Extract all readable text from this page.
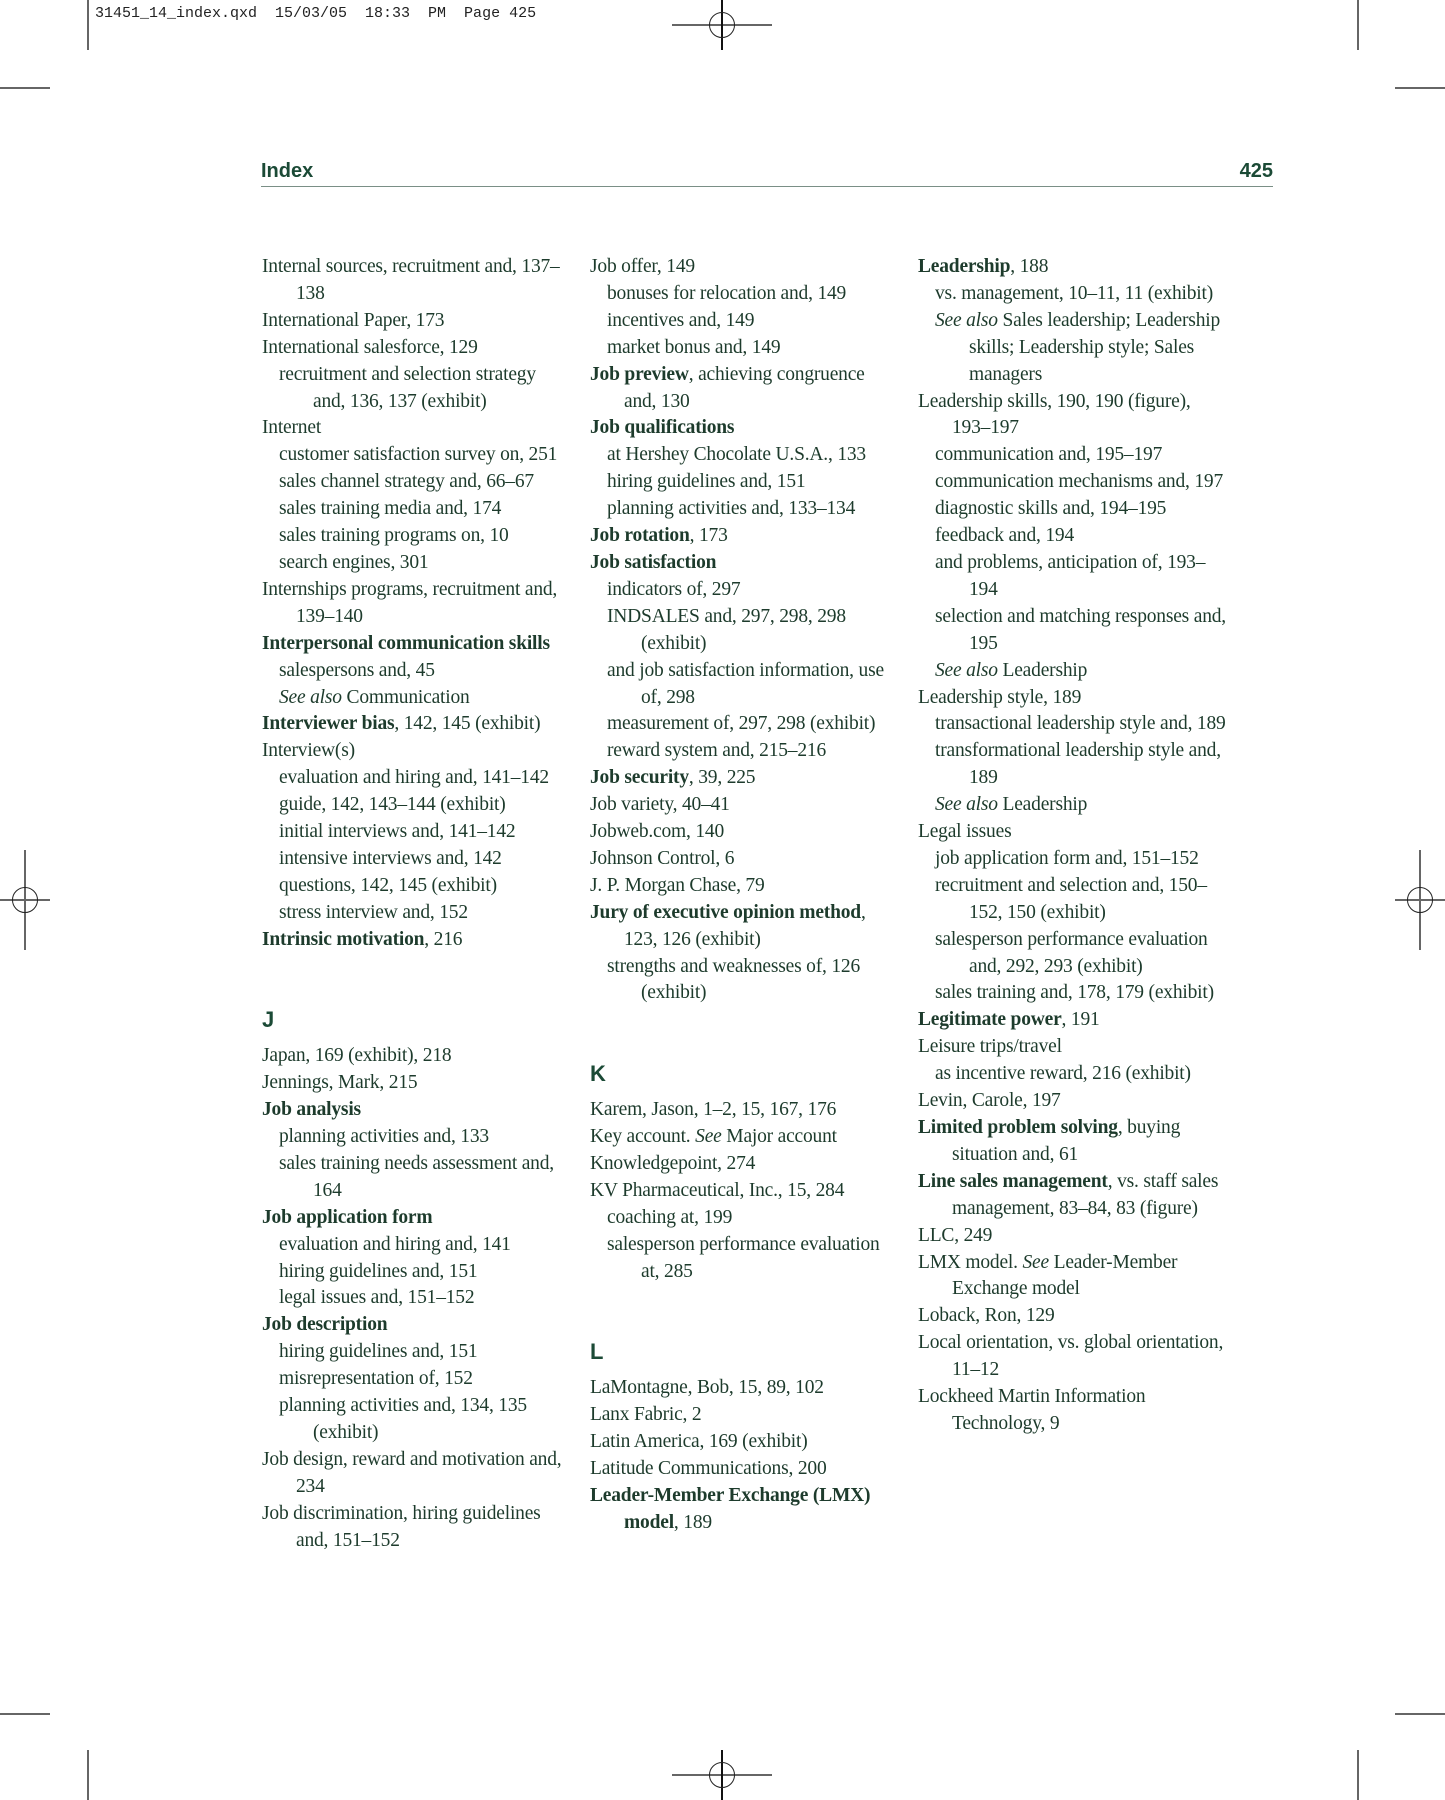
31451_14_index.qxd  15/03/05  18:33  PM  Page 425
Index	425

Internal sources, recruitment and, 137–138

International Paper, 173

International salesforce, 129

recruitment and selection strategy and, 136, 137 (exhibit)

Internet

customer satisfaction survey on, 251

sales channel strategy and, 66–67

sales training media and, 174

sales training programs on, 10

search engines, 301

Internships programs, recruitment and, 139–140

Interpersonal communication skills

salespersons and, 45

See also Communication

Interviewer bias, 142, 145 (exhibit)

Interview(s)

evaluation and hiring and, 141–142

guide, 142, 143–144 (exhibit)

initial interviews and, 141–142

intensive interviews and, 142

questions, 142, 145 (exhibit)

stress interview and, 152

Intrinsic motivation, 216

J

Japan, 169 (exhibit), 218

Jennings, Mark, 215

Job analysis

planning activities and, 133

sales training needs assessment and, 164

Job application form

evaluation and hiring and, 141

hiring guidelines and, 151

legal issues and, 151–152

Job description

hiring guidelines and, 151

misrepresentation of, 152

planning activities and, 134, 135 (exhibit)

Job design, reward and motivation and, 234

Job discrimination, hiring guidelines and, 151–152

Job offer, 149

bonuses for relocation and, 149

incentives and, 149

market bonus and, 149

Job preview, achieving congruence and, 130

Job qualifications

at Hershey Chocolate U.S.A., 133

hiring guidelines and, 151

planning activities and, 133–134

Job rotation, 173

Job satisfaction

indicators of, 297

INDSALES and, 297, 298, 298 (exhibit)

and job satisfaction information, use of, 298

measurement of, 297, 298 (exhibit)

reward system and, 215–216

Job security, 39, 225

Job variety, 40–41

Jobweb.com, 140

Johnson Control, 6

J. P. Morgan Chase, 79

Jury of executive opinion method, 123, 126 (exhibit)

strengths and weaknesses of, 126 (exhibit)

K

Karem, Jason, 1–2, 15, 167, 176

Key account. See Major account

Knowledgepoint, 274

KV Pharmaceutical, Inc., 15, 284

coaching at, 199

salesperson performance evaluation at, 285

L

LaMontagne, Bob, 15, 89, 102

Lanx Fabric, 2

Latin America, 169 (exhibit)

Latitude Communications, 200

Leader-Member Exchange (LMX) model, 189

Leadership, 188

vs. management, 10–11, 11 (exhibit)

See also Sales leadership; Leadership skills; Leadership style; Sales managers

Leadership skills, 190, 190 (figure), 193–197

communication and, 195–197

communication mechanisms and, 197

diagnostic skills and, 194–195

feedback and, 194

and problems, anticipation of, 193–194

selection and matching responses and, 195

See also Leadership

Leadership style, 189

transactional leadership style and, 189

transformational leadership style and, 189

See also Leadership

Legal issues

job application form and, 151–152

recruitment and selection and, 150–152, 150 (exhibit)

salesperson performance evaluation and, 292, 293 (exhibit)

sales training and, 178, 179 (exhibit)

Legitimate power, 191

Leisure trips/travel

as incentive reward, 216 (exhibit)

Levin, Carole, 197

Limited problem solving, buying situation and, 61

Line sales management, vs. staff sales management, 83–84, 83 (figure)

LLC, 249

LMX model. See Leader-Member Exchange model

Loback, Ron, 129

Local orientation, vs. global orientation, 11–12

Lockheed Martin Information Technology, 9
